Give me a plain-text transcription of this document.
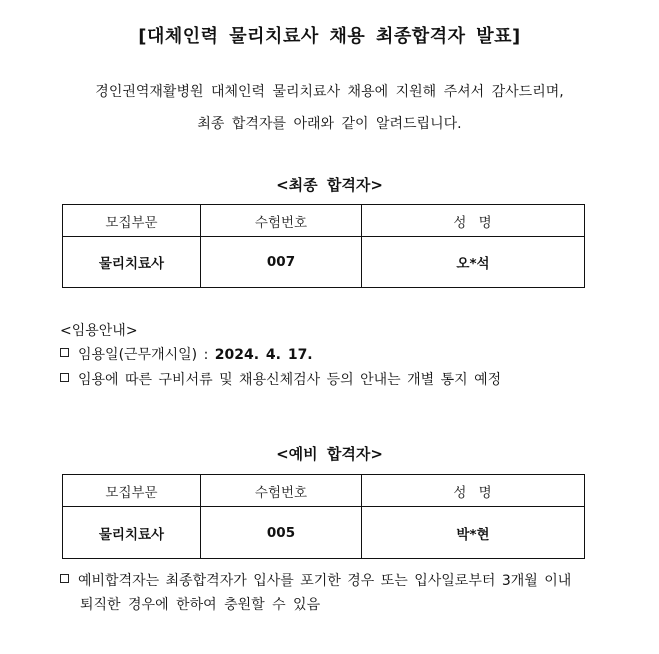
[대체인력 물리치료사 채용 최종합격자 발표]
경인권역재활병원 대체인력 물리치료사 채용에 지원해 주셔서 감사드리며,
최종 합격자를 아래와 같이 알려드립니다.
<최종 합격자>
모집부문	수험번호	성 명
물리치료사	007	오*석
<임용안내>
임용일(근무개시일) : 2024. 4. 17.
임용에 따른 구비서류 및 채용신체검사 등의 안내는 개별 통지 예정
<예비 합격자>
모집부문	수험번호	성 명
물리치료사	005	박*현
예비합격자는 최종합격자가 입사를 포기한 경우 또는 입사일로부터 3개월 이내
퇴직한 경우에 한하여 충원할 수 있음
